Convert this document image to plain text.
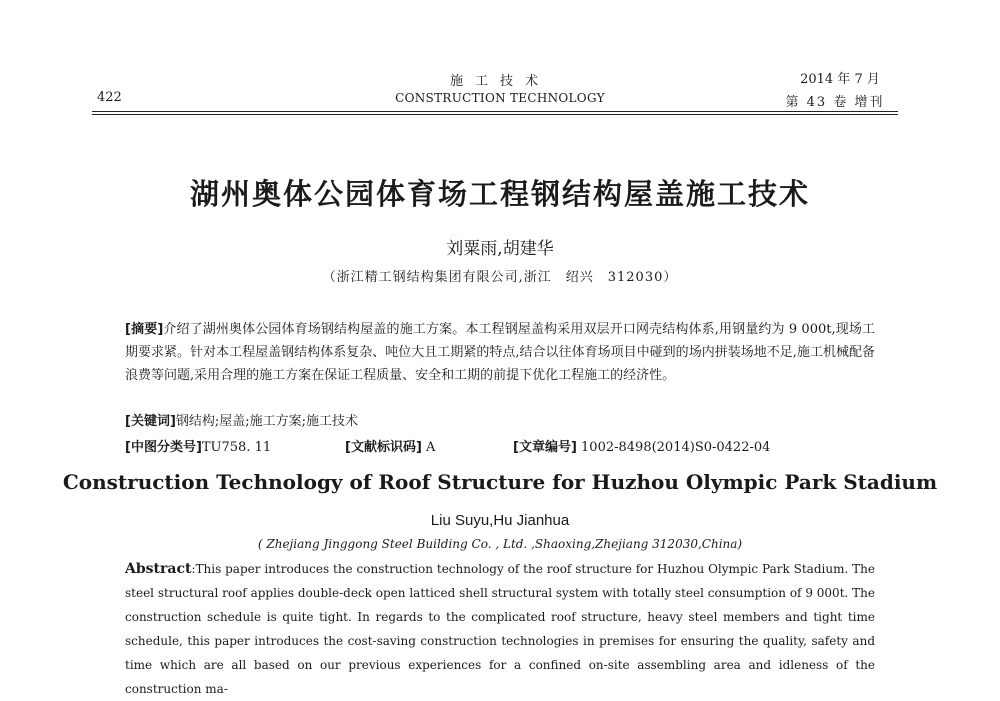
422
施工技术
CONSTRUCTION TECHNOLOGY
2014 年 7 月
第 43 卷 增刊
湖州奥体公园体育场工程钢结构屋盖施工技术
刘粟雨,胡建华
（浙江精工钢结构集团有限公司,浙江　绍兴　312030）
[摘要]介绍了湖州奥体公园体育场钢结构屋盖的施工方案。本工程钢屋盖构采用双层开口网壳结构体系,用钢量约为 9 000t,现场工期要求紧。针对本工程屋盖钢结构体系复杂、吨位大且工期紧的特点,结合以往体育场项目中碰到的场内拼装场地不足,施工机械配备浪费等问题,采用合理的施工方案在保证工程质量、安全和工期的前提下优化工程施工的经济性。
[关键词]钢结构;屋盖;施工方案;施工技术
[中图分类号]TU758. 11	[文献标识码] A	[文章编号] 1002-8498(2014)S0-0422-04
Construction Technology of Roof Structure for Huzhou Olympic Park Stadium
Liu Suyu,Hu Jianhua
( Zhejiang Jinggong Steel Building Co. , Ltd. ,Shaoxing,Zhejiang 312030,China)
Abstract:This paper introduces the construction technology of the roof structure for Huzhou Olympic Park Stadium. The steel structural roof applies double-deck open latticed shell structural system with totally steel consumption of 9 000t. The construction schedule is quite tight. In regards to the complicated roof structure, heavy steel members and tight time schedule, this paper introduces the cost-saving construction technologies in premises for ensuring the quality, safety and time which are all based on our previous experiences for a confined on-site assembling area and idleness of the construction ma-
